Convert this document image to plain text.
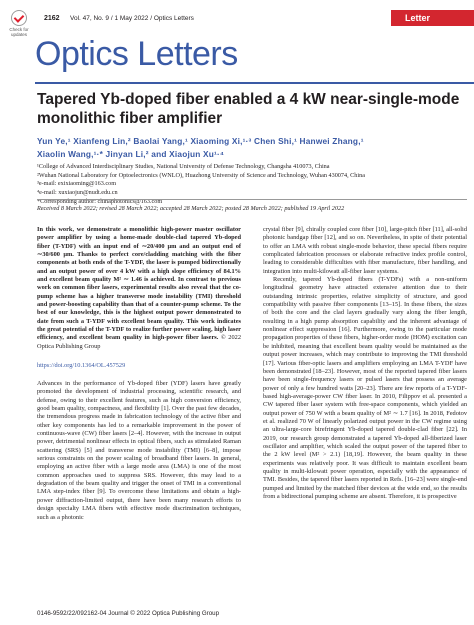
Check for updates
2162 Vol. 47, No. 9 / 1 May 2022 / Optics Letters	Letter
Optics Letters
Tapered Yb-doped fiber enabled a 4 kW near-single-mode monolithic fiber amplifier
Yun Ye,¹ Xianfeng Lin,² Baolai Yang,¹ Xiaoming Xi,¹·³ Chen Shi,¹ Hanwei Zhang,¹
Xiaolin Wang,¹·* Jinyan Li,² and Xiaojun Xu¹·⁴
¹College of Advanced Interdisciplinary Studies, National University of Defense Technology, Changsha 410073, China
²Wuhan National Laboratory for Optoelectronics (WNLO), Huazhong University of Science and Technology, Wuhan 430074, China
³e-mail: exixiaoming@163.com
⁴e-mail: xuxiaojun@nudt.edu.cn
*Corresponding author: chinaphotonics@163.com
Received 8 March 2022; revised 28 March 2022; accepted 28 March 2022; posted 28 March 2022; published 19 April 2022
In this work, we demonstrate a monolithic high-power master oscillator power amplifier by using a home-made double-clad tapered Yb-doped fiber (T-YDF) with an input end of ∼20/400 µm and an output end of ∼30/600 µm. Thanks to perfect core/cladding matching with the fiber components at both ends of the T-YDF, the laser is pumped bidirectionally and an output power of over 4 kW with a high slope efficiency of 84.1% and excellent beam quality M² ∼ 1.46 is achieved. In contrast to previous work on common fiber lasers, experimental results also reveal that the co-pump scheme has a higher transverse mode instability (TMI) threshold and power-boosting capability than that of a counter-pump scheme. To the best of our knowledge, this is the highest output power demonstrated to date from such a T-YDF with excellent beam quality. This work indicates the great potential of the T-YDF to realize further power scaling, high laser efficiency, and excellent beam quality in high-power fiber lasers. © 2022 Optica Publishing Group
https://doi.org/10.1364/OL.457529
Advances in the performance of Yb-doped fiber (YDF) lasers have greatly promoted the development of industrial processing, scientific research, and defense, owing to their excellent features, such as high conversion efficiency, good beam quality, compactness, and flexibility [1]. Over the past few decades, the tremendous progress made in fabrication technology of the active fiber and other key components has led to a remarkable improvement in the power of continuous-wave (CW) fiber lasers [2–4]. However, with the increase in output power, detrimental nonlinear effects in optical fibers, such as stimulated Raman scattering (SRS) [5] and transverse mode instability (TMI) [6–8], impose serious constraints on the power scaling of broadband fiber lasers. In general, employing an active fiber with a large mode area (LMA) is one of the most common approaches used to suppress SRS. However, this may lead to a degradation of the beam quality and trigger the onset of TMI in a conventional LMA step-index fiber [9]. To overcome these limitations and obtain a high-power diffraction-limited output, there have been many research efforts to design specialty LMA fibers with effective mode discrimination techniques, such as a photonic

crystal fiber [9], chirally coupled core fiber [10], large-pitch fiber [11], all-solid photonic bandgap fiber [12], and so on. Nevertheless, in spite of their potential to offer an LMA with robust single-mode behavior, these special fibers require complicated fabrication processes or elaborate refractive index profile control, leading to considerable difficulties with fiber manufacture, fiber handling, and integration into multi-kilowatt all-fiber laser systems.

Recently, tapered Yb-doped fibers (T-YDFs) with a non-uniform longitudinal geometry have attracted extensive attention due to their outstanding intrinsic properties, relative simplicity of structure, and good compatibility with passive fiber components [13–15]. In these fibers, the sizes of both the core and the clad layers gradually vary along the fiber length, resulting in a high pump absorption capability and the inherent advantage of nonlinear effect suppression [16]. Furthermore, owing to the particular mode propagation properties of these fibers, higher-order mode (HOM) excitation can be inhibited, meaning that excellent beam quality would be maintained as the output power increases, which may contribute to improving the TMI threshold [17]. Various fiber-optic lasers and amplifiers employing an LMA T-YDF have been demonstrated [18–23]. However, most of the reported tapered fiber lasers have been single-frequency lasers or pulsed lasers that possess an average power of only a few hundred watts [20–23]. There are few reports of a T-YDF-based high-average-power CW fiber laser. In 2010, Filippov et al. presented a CW tapered fiber laser system with free-space components, which yielded an output power of 750 W with a beam quality of M² ∼ 1.7 [16]. In 2018, Fedotov et al. realized 70 W of linearly polarized output power in the CW regime using an ultra-large-core birefringent Yb-doped tapered double-clad fiber [22]. In 2019, our research group demonstrated a tapered Yb-doped all-fiberized laser oscillator and amplifier, which scaled the output power of the tapered fiber to the 2 kW level (M² > 2.1) [18,19]. However, the beam quality in these experiments was relatively poor. It was difficult to maintain excellent beam quality in multi-kilowatt power operation, especially with the appearance of TMI. Besides, the tapered fiber lasers reported in Refs. [16–23] were single-end pumped and limited by the matched fiber devices at the wide end, so the results from a bidirectional pumping scheme are absent. Therefore, it is prospective

0146-9592/22/092162-04 Journal © 2022 Optica Publishing Group
